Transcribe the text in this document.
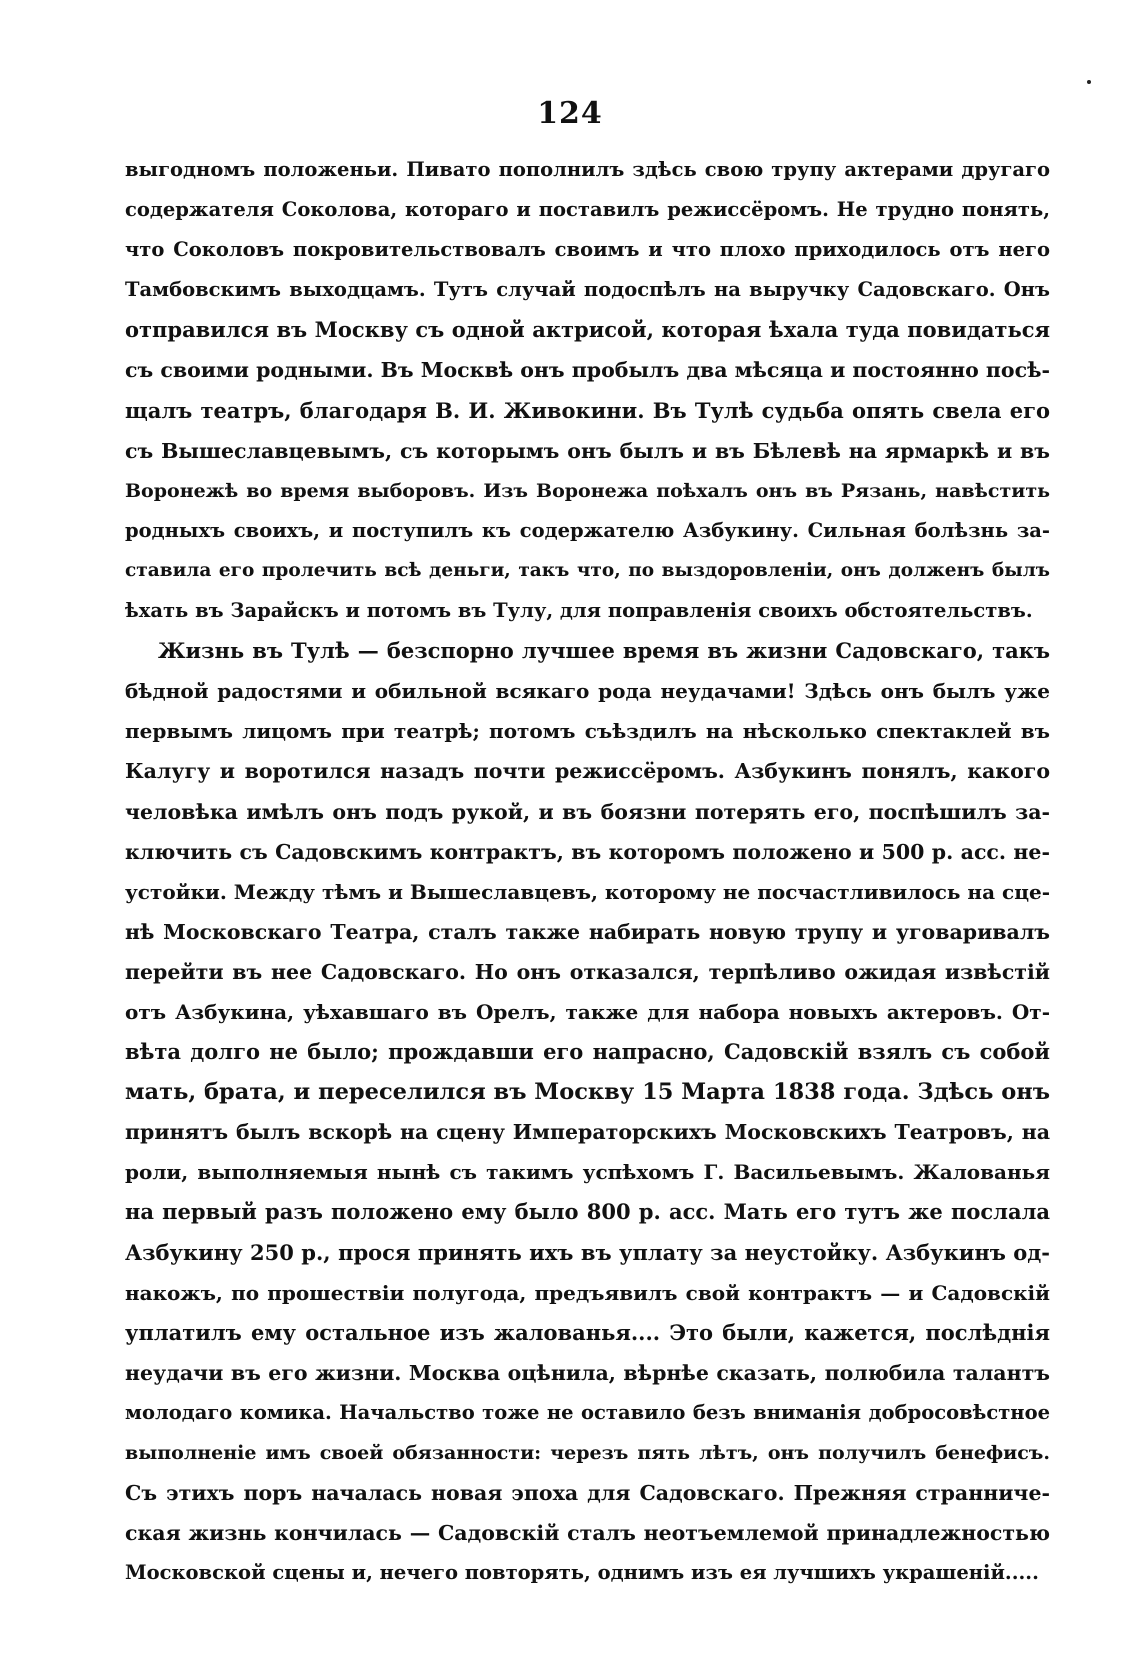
124
выгодномъ положеньи. Пивато пополнилъ здѣсь свою трупу актерами другаго
содержателя Соколова, котораго и поставилъ режиссёромъ. Не трудно понять,
что Соколовъ покровительствовалъ своимъ и что плохо приходилось отъ него
Тамбовскимъ выходцамъ. Тутъ случай подоспѣлъ на выручку Садовскаго. Онъ
отправился въ Москву съ одной актрисой, которая ѣхала туда повидаться
съ своими родными. Въ Москвѣ онъ пробылъ два мѣсяца и постоянно посѣ-
щалъ театръ, благодаря В. И. Живокини. Въ Тулѣ судьба опять свела его
съ Вышеславцевымъ, съ которымъ онъ былъ и въ Бѣлевѣ на ярмаркѣ и въ
Воронежѣ во время выборовъ. Изъ Воронежа поѣхалъ онъ въ Рязань, навѣстить
родныхъ своихъ, и поступилъ къ содержателю Азбукину. Сильная болѣзнь за-
ставила его пролечить всѣ деньги, такъ что, по выздоровленіи, онъ долженъ былъ
ѣхать въ Зарайскъ и потомъ въ Тулу, для поправленія своихъ обстоятельствъ.
Жизнь въ Тулѣ — безспорно лучшее время въ жизни Садовскаго, такъ
бѣдной радостями и обильной всякаго рода неудачами! Здѣсь онъ былъ уже
первымъ лицомъ при театрѣ; потомъ съѣздилъ на нѣсколько спектаклей въ
Калугу и воротился назадъ почти режиссёромъ. Азбукинъ понялъ, какого
человѣка имѣлъ онъ подъ рукой, и въ боязни потерять его, поспѣшилъ за-
ключить съ Садовскимъ контрактъ, въ которомъ положено и 500 р. асс. не-
устойки. Между тѣмъ и Вышеславцевъ, которому не посчастливилось на сце-
нѣ Московскаго Театра, сталъ также набирать новую трупу и уговаривалъ
перейти въ нее Садовскаго. Но онъ отказался, терпѣливо ожидая извѣстій
отъ Азбукина, уѣхавшаго въ Орелъ, также для набора новыхъ актеровъ. От-
вѣта долго не было; прождавши его напрасно, Садовскій взялъ съ собой
мать, брата, и переселился въ Москву 15 Марта 1838 года. Здѣсь онъ
принятъ былъ вскорѣ на сцену Императорскихъ Московскихъ Театровъ, на
роли, выполняемыя нынѣ съ такимъ успѣхомъ Г. Васильевымъ. Жалованья
на первый разъ положено ему было 800 р. асс. Мать его тутъ же послала
Азбукину 250 р., прося принять ихъ въ уплату за неустойку. Азбукинъ од-
накожъ, по прошествіи полугода, предъявилъ свой контрактъ — и Садовскій
уплатилъ ему остальное изъ жалованья.... Это были, кажется, послѣднія
неудачи въ его жизни. Москва оцѣнила, вѣрнѣе сказать, полюбила талантъ
молодаго комика. Начальство тоже не оставило безъ вниманія добросовѣстное
выполненіе имъ своей обязанности: черезъ пять лѣтъ, онъ получилъ бенефисъ.
Съ этихъ поръ началась новая эпоха для Садовскаго. Прежняя странниче-
ская жизнь кончилась — Садовскій сталъ неотъемлемой принадлежностью
Московской сцены и, нечего повторять, однимъ изъ ея лучшихъ украшеній.....
